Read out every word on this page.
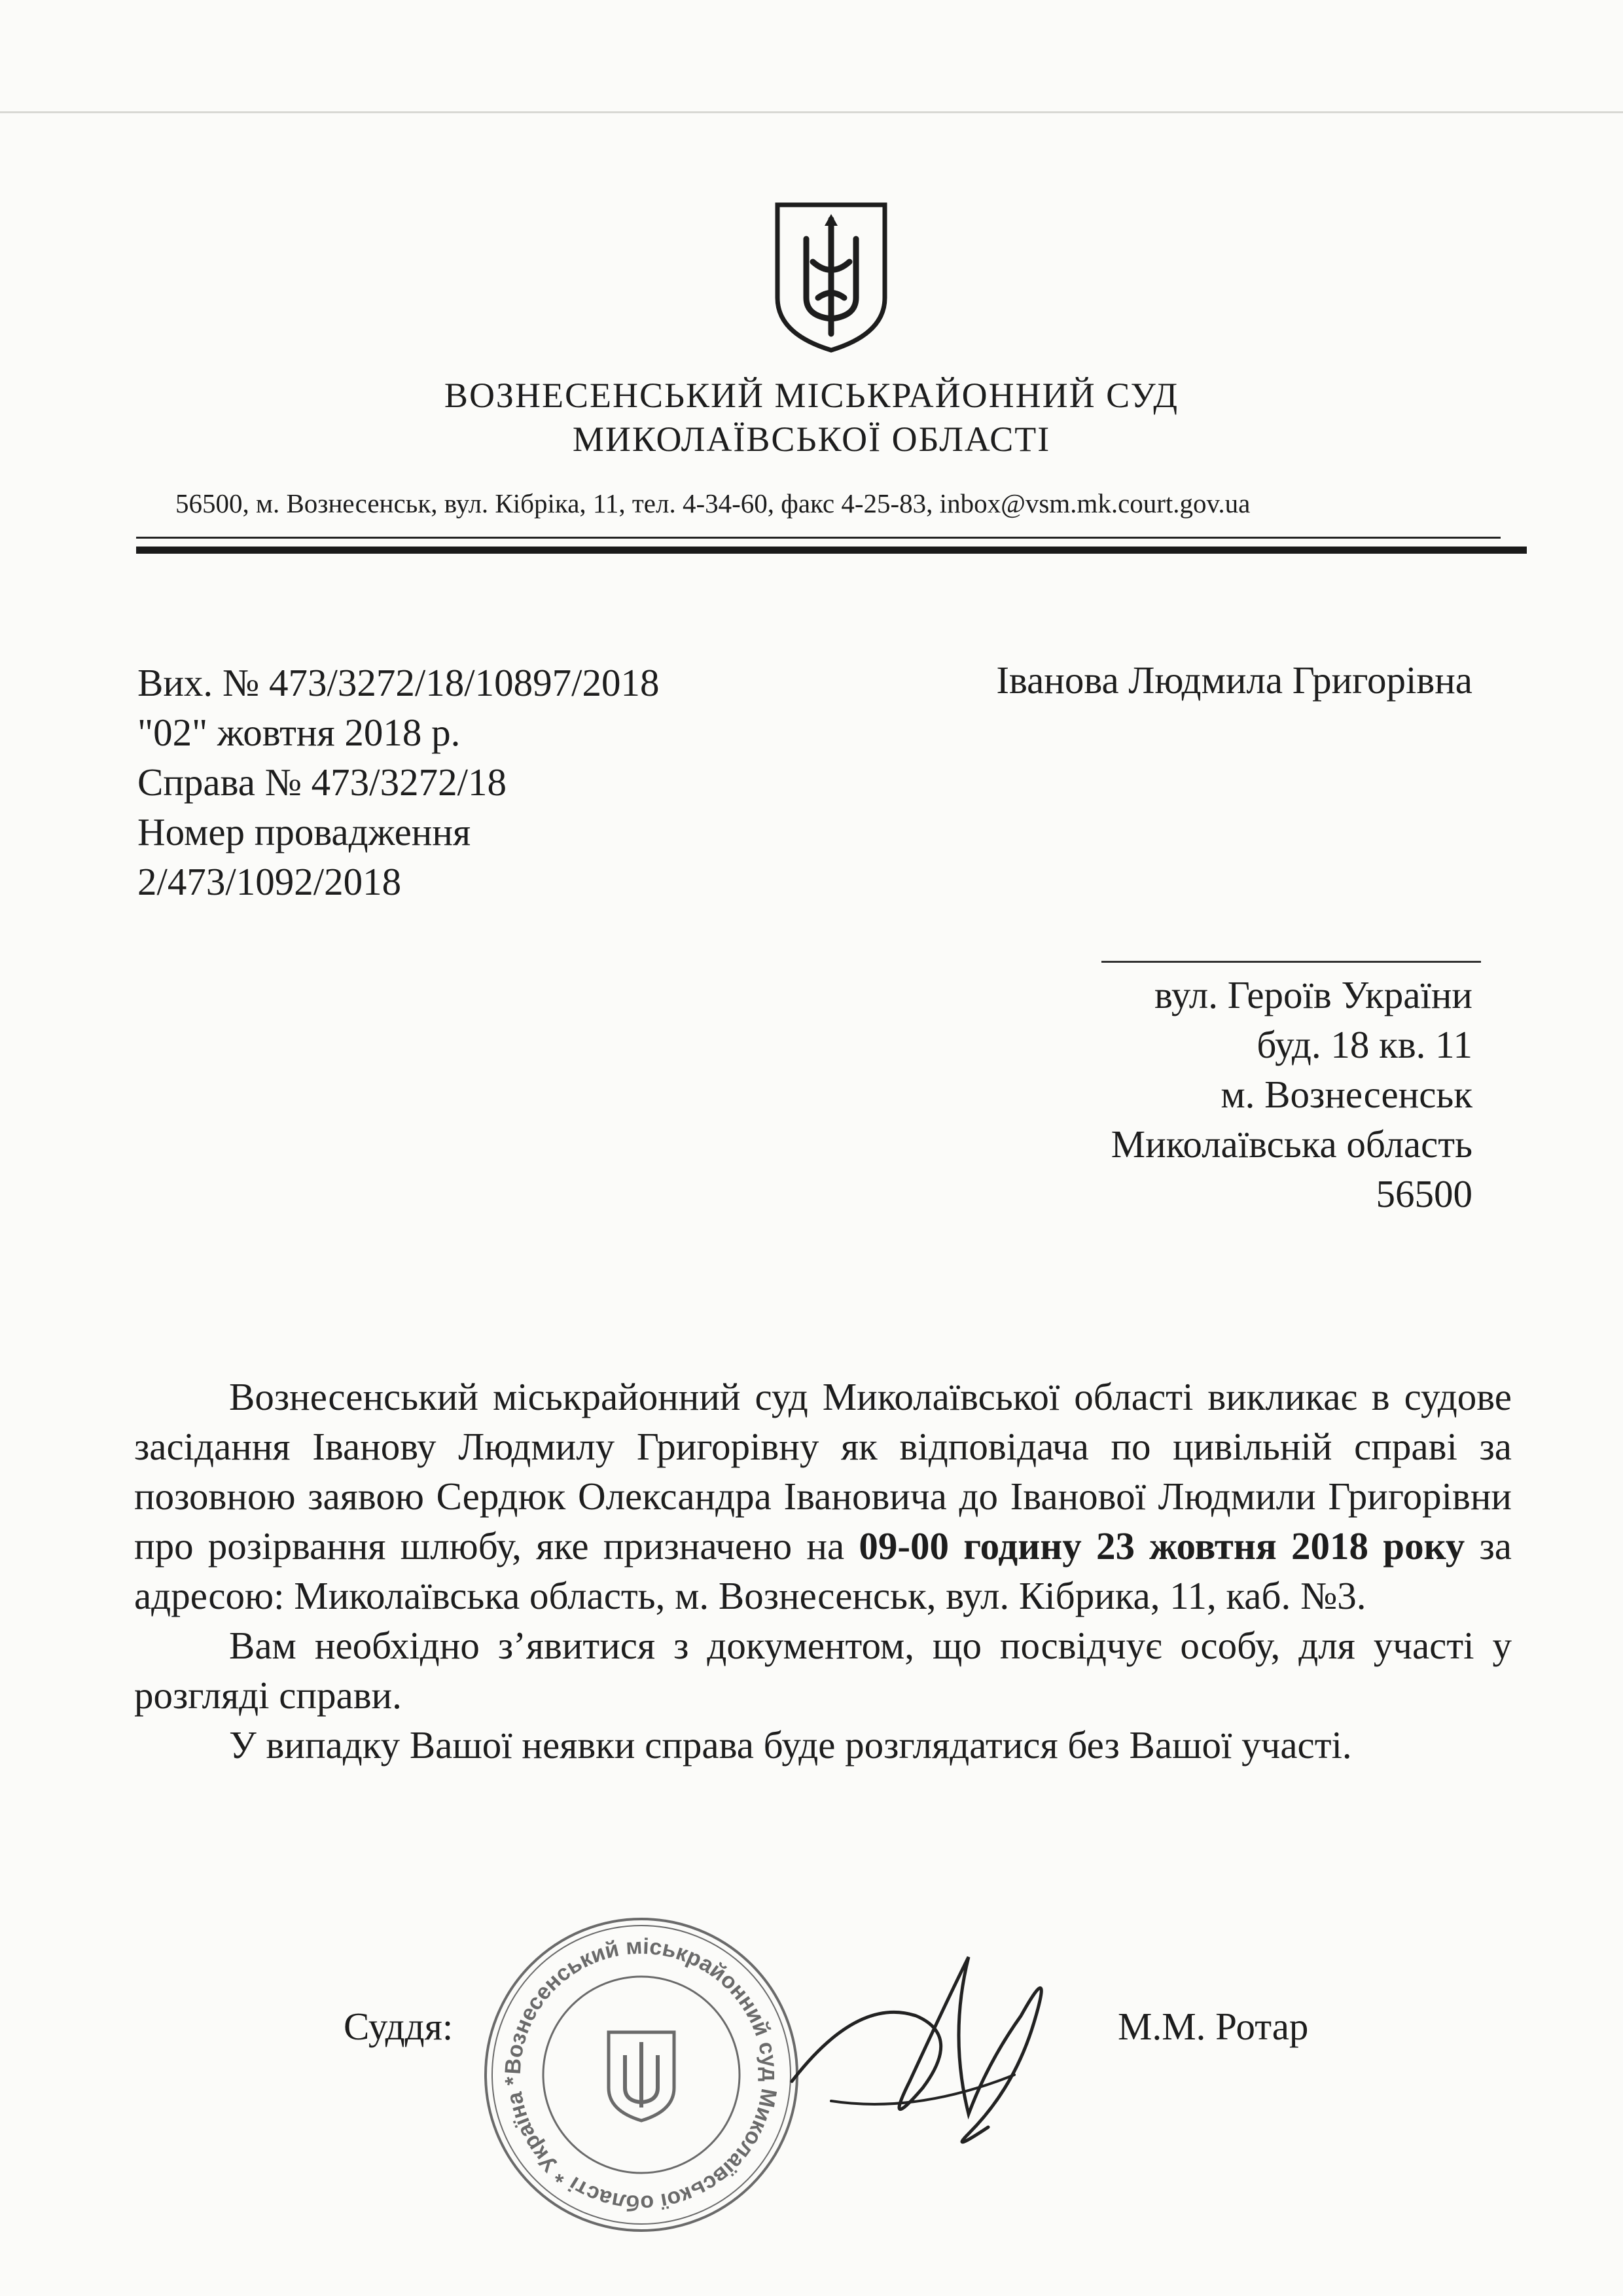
ВОЗНЕСЕНСЬКИЙ МІСЬКРАЙОННИЙ СУД
МИКОЛАЇВСЬКОЇ ОБЛАСТІ
56500, м. Вознесенськ, вул. Кібріка, 11, тел. 4-34-60, факс 4-25-83, inbox@vsm.mk.court.gov.ua
Вих. № 473/3272/18/10897/2018
"02" жовтня 2018 р.
Справа № 473/3272/18
Номер провадження
2/473/1092/2018
Іванова Людмила Григорівна
вул. Героїв України
буд. 18 кв. 11
м. Вознесенськ
Миколаївська область
56500

Вознесенський міськрайонний суд Миколаївської області викликає в судове засідання Іванову Людмилу Григорівну як відповідача по цивільній справі за позовною заявою Сердюк Олександра Івановича до Іванової Людмили Григорівни про розірвання шлюбу, яке призначено на 09-00 годину 23 жовтня 2018 року за адресою: Миколаївська область, м. Вознесенськ, вул. Кібрика, 11, каб. №3.

Вам необхідно з’явитися з документом, що посвідчує особу, для участі у розгляді справи.

У випадку Вашої неявки справа буде розглядатися без Вашої участі.

Вознесенський міськрайонний суд Миколаївської області * Україна *
Суддя:	М.М. Ротар
